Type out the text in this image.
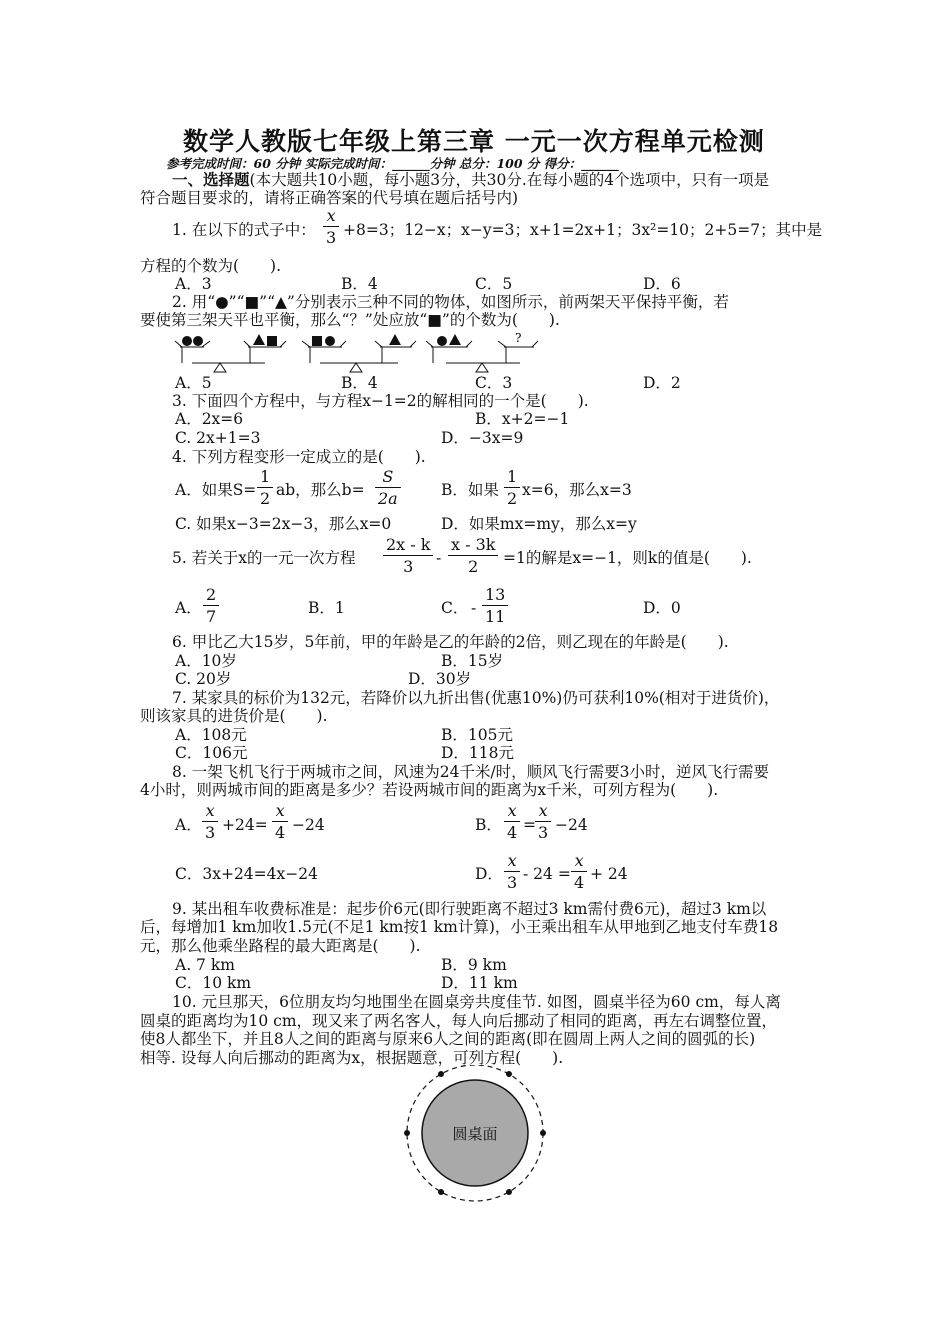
数学人教版七年级上第三章 一元一次方程单元检测
参考完成时间：60 分钟 实际完成时间：______分钟 总分：100 分 得分：______
一、选择题(本大题共10小题，每小题3分，共30分.在每小题的4个选项中，只有一项是
符合题目要求的，请将正确答案的代号填在题后括号内)
1. 在以下的式子中： $\frac{x}{3} +8=3$；12−x；x−y=3；x+1=2x+1；3x²=10；2+5=7；其中是
方程的个数为(　　).
A．3	B．4	C．5	D．6
2. 用“●”“■”“▲”分别表示三种不同的物体，如图所示，前两架天平保持平衡，若
要使第三架天平也平衡，那么“？”处应放“■”的个数为(　　).
?
A．5	B．4	C．3	D．2
3. 下面四个方程中，与方程x−1=2的解相同的一个是(　　).
A．2x=6	B．x+2=−1
C. 2x+1=3	D．−3x=9
4. 下列方程变形一定成立的是(　　).
A．如果$S= \frac{1}{2}$ ab，那么$b= \frac{S}{2a}$	B．如果 $\frac{1}{2} x=6$，那么x=3
C. 如果x−3=2x−3，那么x=0	D．如果mx=my，那么x=y
5. 若关于x的一元一次方程 $\frac{2x - k}{3} - \frac{x - 3k}{2} =1$的解是x=−1，则k的值是(　　).
A． $\frac{2}{7}$	B．1	C． - $\frac{13}{11}$	D．0
6. 甲比乙大15岁，5年前，甲的年龄是乙的年龄的2倍，则乙现在的年龄是(　　).
A．10岁	B．15岁
C. 20岁	D．30岁
7. 某家具的标价为132元，若降价以九折出售(优惠10%)仍可获利10%(相对于进货价)，
则该家具的进货价是(　　).
A．108元	B．105元
C．106元	D．118元
8. 一架飞机飞行于两城市之间，风速为24千米/时，顺风飞行需要3小时，逆风飞行需要
4小时，则两城市间的距离是多少？若设两城市间的距离为x千米，可列方程为(　　).
A． $\frac{x}{3} +24= \frac{x}{4} -24$	B． $\frac{x}{4} = \frac{x}{3} -24$
C．3x+24=4x−24	D． $\frac{x}{3} - 24 = \frac{x}{4} + 24$
9. 某出租车收费标准是：起步价6元(即行驶距离不超过3 km需付费6元)，超过3 km以
后，每增加1 km加收1.5元(不足1 km按1 km计算)，小王乘出租车从甲地到乙地支付车费18
元，那么他乘坐路程的最大距离是(　　).
A. 7 km	B．9 km
C．10 km	D．11 km
10. 元旦那天，6位朋友均匀地围坐在圆桌旁共度佳节. 如图，圆桌半径为60 cm，每人离
圆桌的距离均为10 cm，现又来了两名客人，每人向后挪动了相同的距离，再左右调整位置，
使8人都坐下，并且8人之间的距离与原来6人之间的距离(即在圆周上两人之间的圆弧的长)
相等. 设每人向后挪动的距离为x，根据题意，可列方程(　　).
圆桌面
